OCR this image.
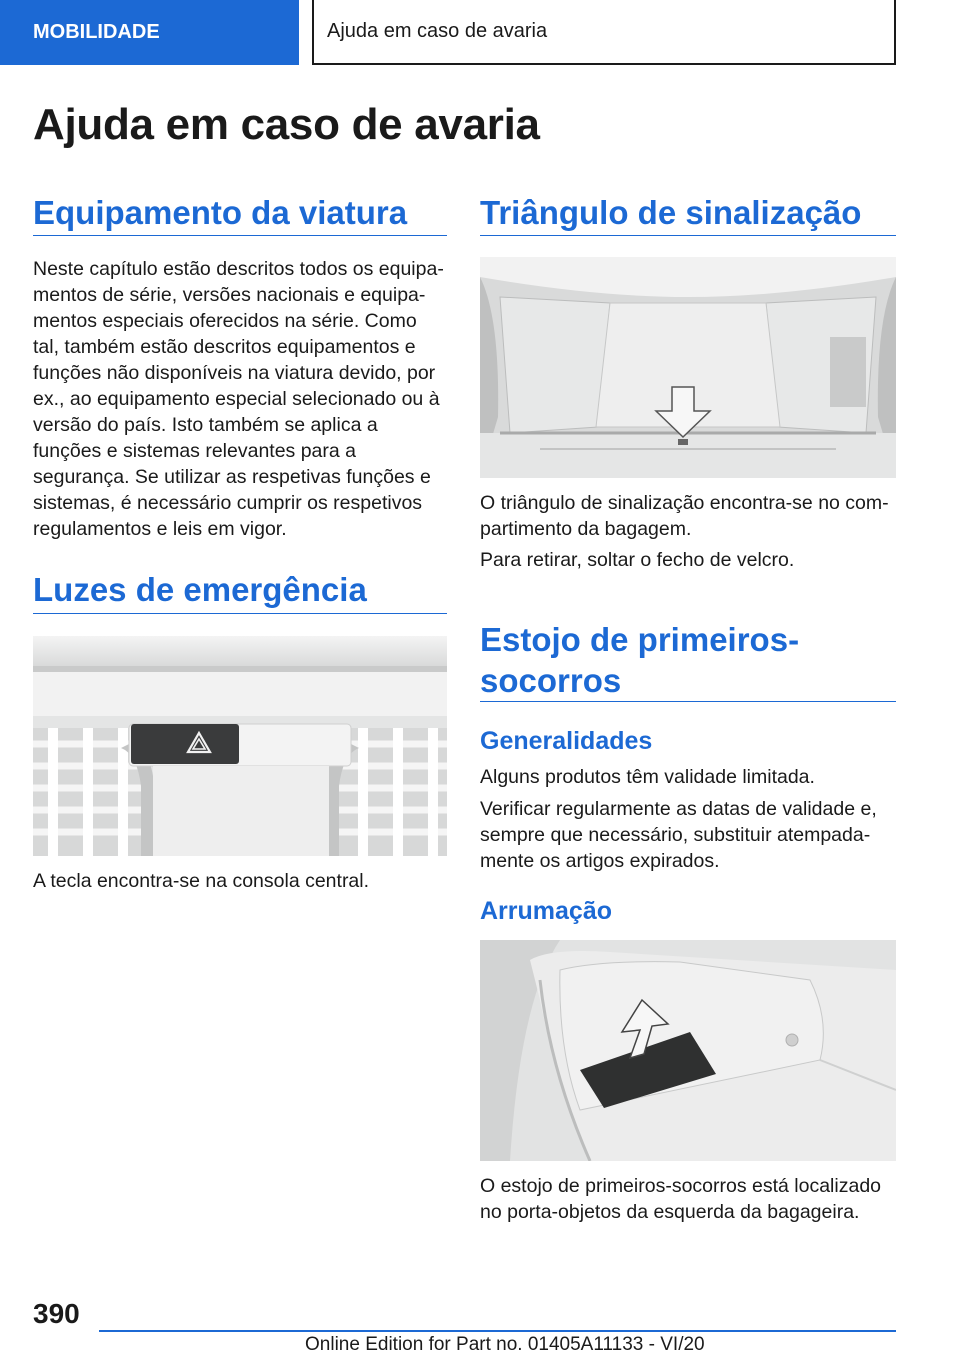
MOBILIDADE	Ajuda em caso de avaria
Ajuda em caso de avaria
Equipamento da viatura

Neste capítulo estão descritos todos os equipamentos de série, versões nacionais e equipamentos especiais oferecidos na série. Como tal, também estão descritos equipamentos e funções não disponíveis na viatura devido, por ex., ao equipamento especial selecionado ou à versão do país. Isto também se aplica a funções e sistemas relevantes para a segurança. Se utilizar as respetivas funções e sistemas, é necessário cumprir os respetivos regulamentos e leis em vigor.

Luzes de emergência

A tecla encontra-se na consola central.

Triângulo de sinalização

O triângulo de sinalização encontra-se no compartimento da bagagem.

Para retirar, soltar o fecho de velcro.

Estojo de primeiros-socorros
Generalidades

Alguns produtos têm validade limitada.

Verificar regularmente as datas de validade e, sempre que necessário, substituir atempadamente os artigos expirados.

Arrumação

O estojo de primeiros-socorros está localizado no porta-objetos da esquerda da bagageira.

390
Online Edition for Part no. 01405A11133 - VI/20
